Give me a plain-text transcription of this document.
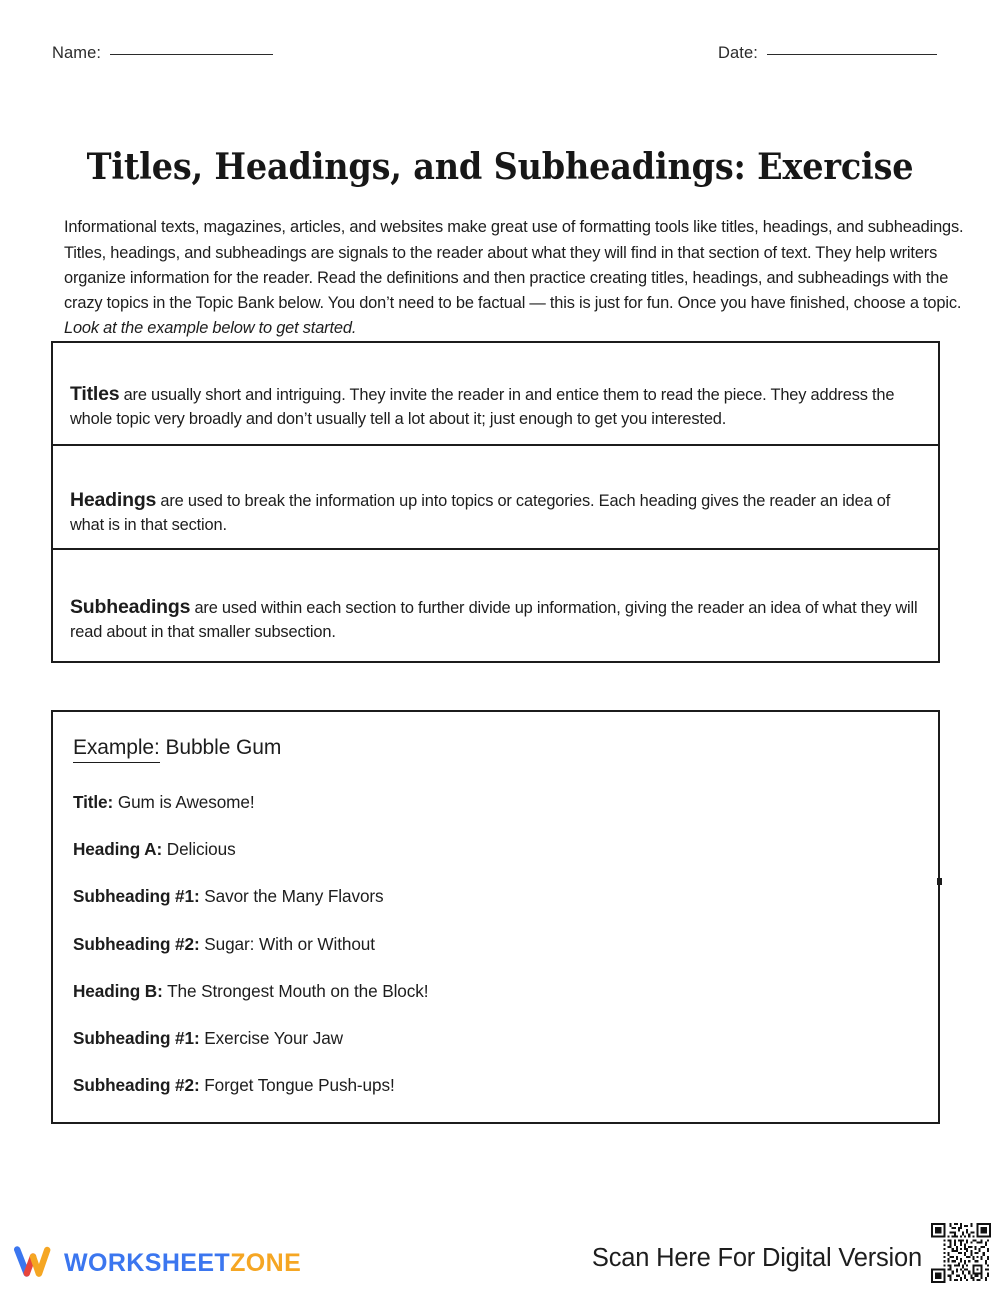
Name:	Date:
Titles, Headings, and Subheadings: Exercise

Informational texts, magazines, articles, and websites make great use of formatting tools like titles, headings, and subheadings. Titles, headings, and subheadings are signals to the reader about what they will find in that section of text. They help writers organize information for the reader. Read the definitions and then practice creating titles, headings, and subheadings with the crazy topics in the Topic Bank below. You don’t need to be factual — this is just for fun. Once you have finished, choose a topic. Look at the example below to get started.

Titles are usually short and intriguing. They invite the reader in and entice them to read the piece. They address the whole topic very broadly and don’t usually tell a lot about it; just enough to get you interested.

Headings are used to break the information up into topics or categories. Each heading gives the reader an idea of what is in that section.

Subheadings are used within each section to further divide up information, giving the reader an idea of what they will read about in that smaller subsection.

Example: Bubble Gum
Title: Gum is Awesome!
Heading A: Delicious
Subheading #1: Savor the Many Flavors
Subheading #2: Sugar: With or Without
Heading B: The Strongest Mouth on the Block!
Subheading #1: Exercise Your Jaw
Subheading #2: Forget Tongue Push-ups!
WORKSHEETZONE	Scan Here For Digital Version
